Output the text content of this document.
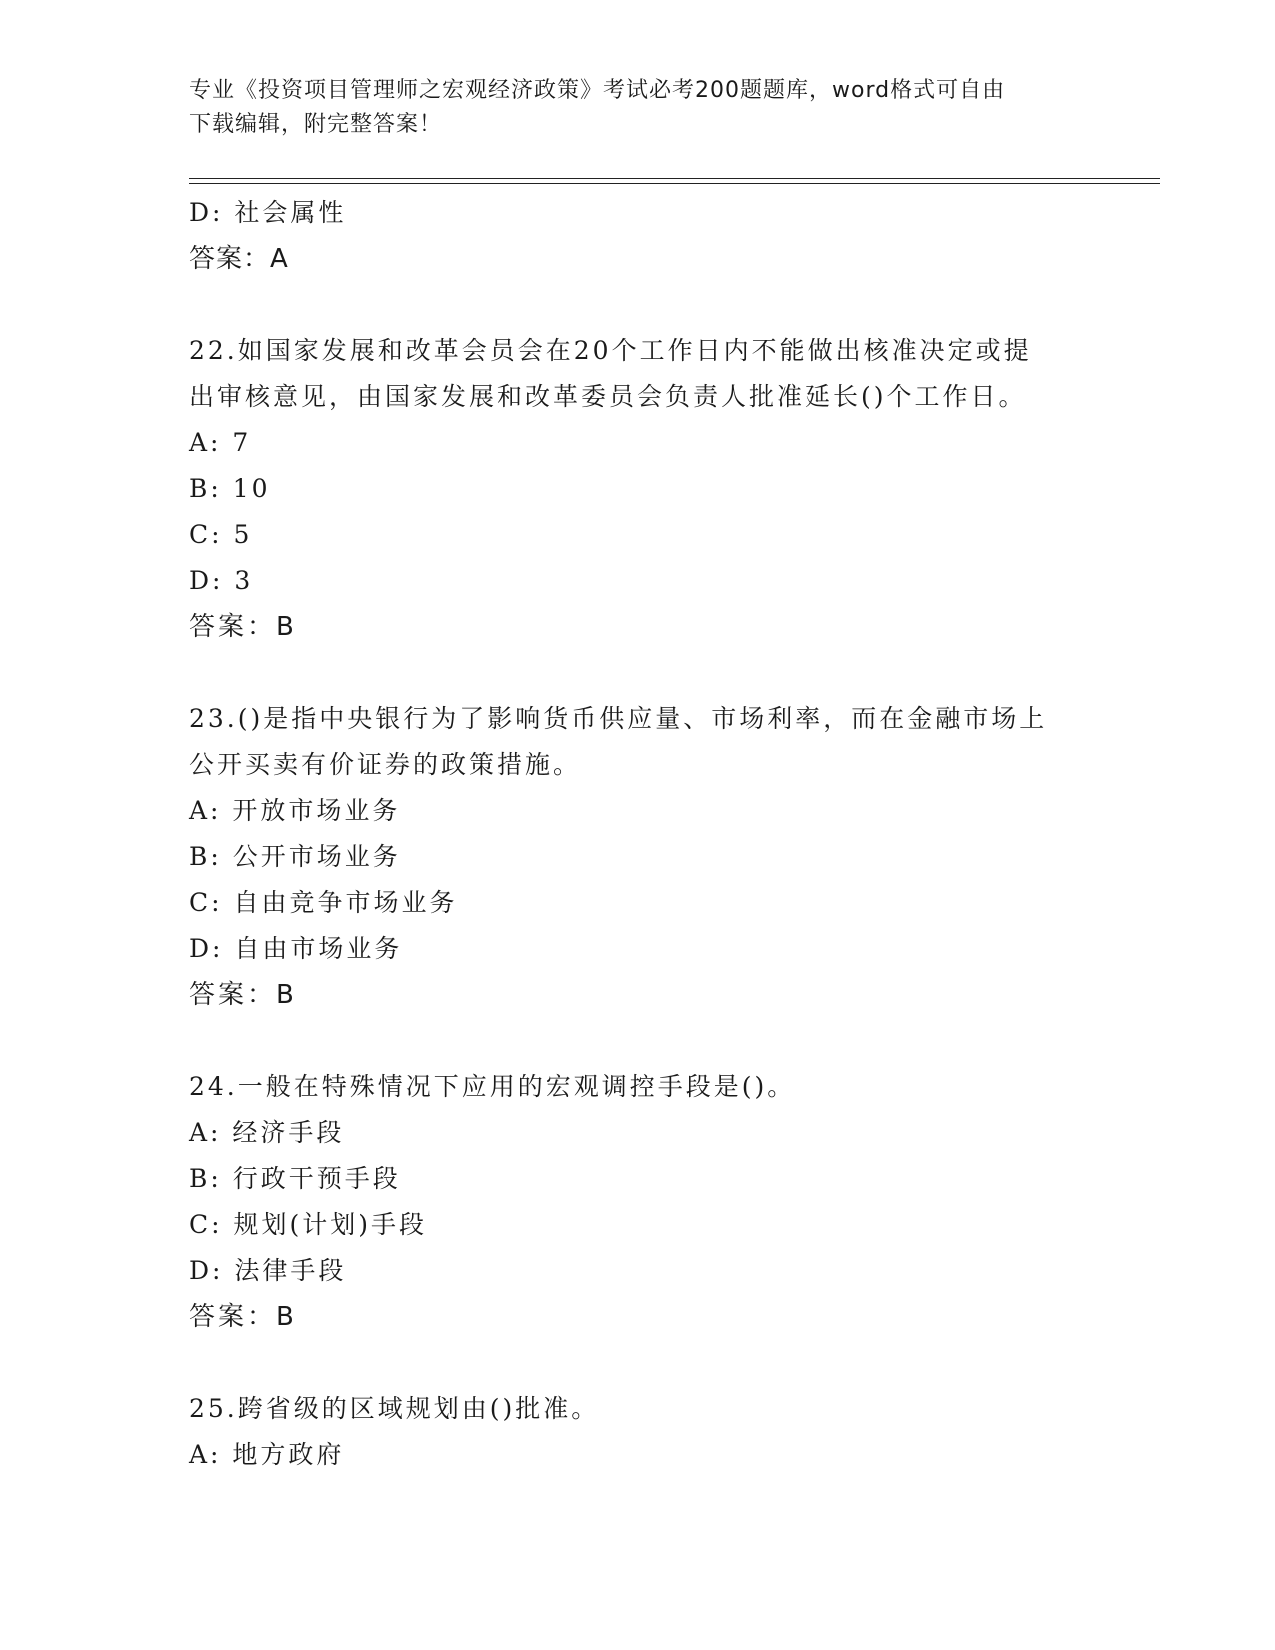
专业《投资项目管理师之宏观经济政策》考试必考200题题库，word格式可自由
下载编辑，附完整答案！
D: 社会属性
答案：A
22.如国家发展和改革会员会在20个工作日内不能做出核准决定或提
出审核意见，由国家发展和改革委员会负责人批准延长()个工作日。
A: 7
B: 10
C: 5
D: 3
答案：B
23.()是指中央银行为了影响货币供应量、市场利率，而在金融市场上
公开买卖有价证券的政策措施。
A: 开放市场业务
B: 公开市场业务
C: 自由竞争市场业务
D: 自由市场业务
答案：B
24.一般在特殊情况下应用的宏观调控手段是()。
A: 经济手段
B: 行政干预手段
C: 规划(计划)手段
D: 法律手段
答案：B
25.跨省级的区域规划由()批准。
A: 地方政府
